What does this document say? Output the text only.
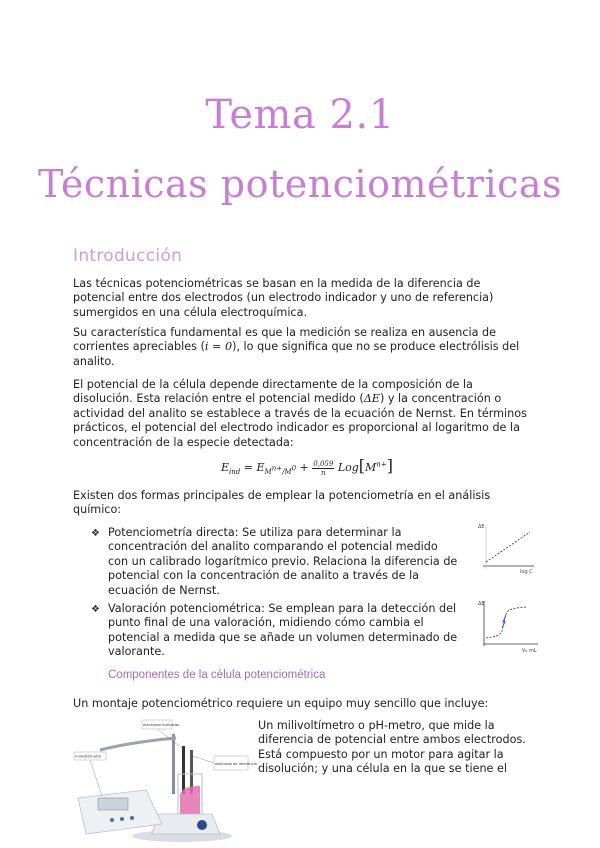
Tema 2.1
Técnicas potenciométricas
Introducción
Las técnicas potenciométricas se basan en la medida de la diferencia de potencial entre dos electrodos (un electrodo indicador y uno de referencia) sumergidos en una célula electroquímica.
Su característica fundamental es que la medición se realiza en ausencia de corrientes apreciables (i = 0), lo que significa que no se produce electrólisis del analito.
El potencial de la célula depende directamente de la composición de la disolución. Esta relación entre el potencial medido (ΔE) y la concentración o actividad del analito se establece a través de la ecuación de Nernst. En términos prácticos, el potencial del electrodo indicador es proporcional al logaritmo de la concentración de la especie detectada:
$E_{ind} = E_{M^{n+}/M^0} + \frac{0,059}{n} Log[M^{n+}]$
Existen dos formas principales de emplear la potenciometría en el análisis químico:
❖ Potenciometría directa: Se utiliza para determinar la concentración del analito comparando el potencial medido con un calibrado logarítmico previo. Relaciona la diferencia de potencial con la concentración de analito a través de la ecuación de Nernst.
❖ Valoración potenciométrica: Se emplean para la detección del punto final de una valoración, midiendo cómo cambia el potencial a medida que se añade un volumen determinado de valorante.
ΔE
log C
ΔE
V₀ mL
Componentes de la célula potenciométrica
Un montaje potenciométrico requiere un equipo muy sencillo que incluye:
electrodo indicador
milivoltímetro
electrodo de referencia
Un milivoltímetro o pH-metro, que mide la diferencia de potencial entre ambos electrodos. Está compuesto por un motor para agitar la disolución; y una célula en la que se tiene el
